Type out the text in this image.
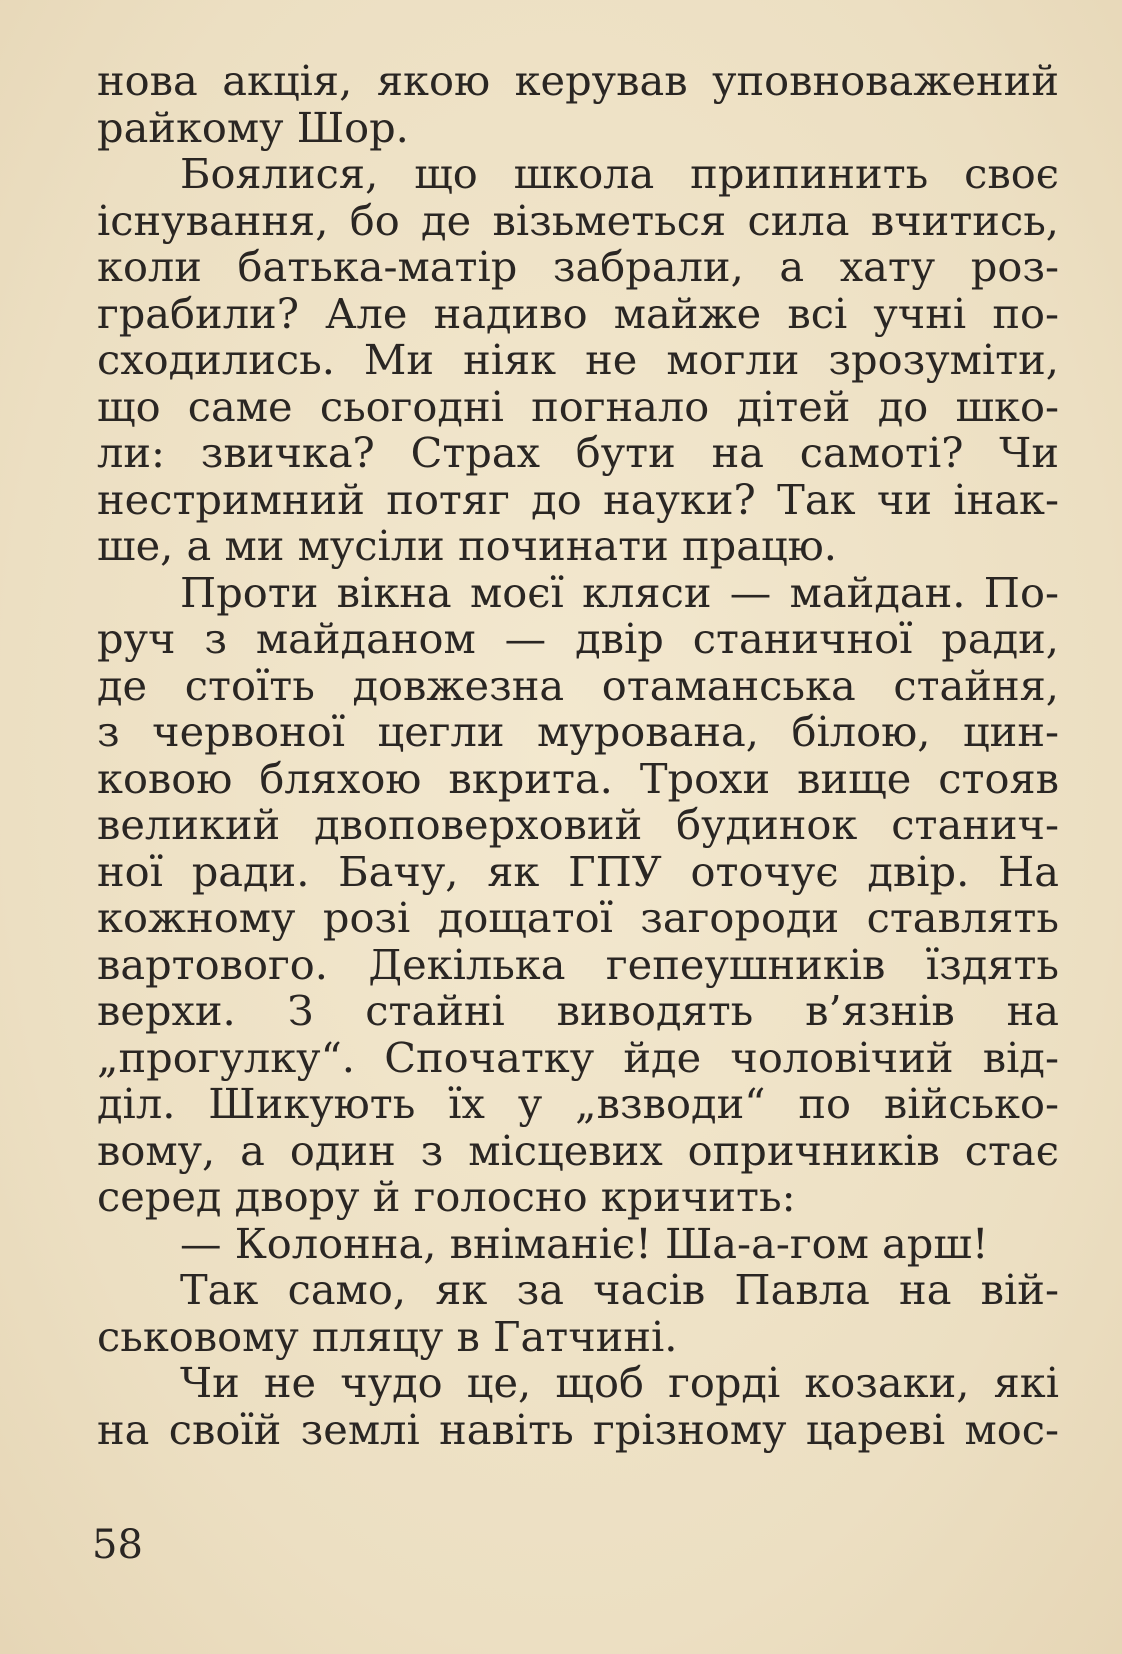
нова акція, якою керував уповноважений
райкому Шор.
Боялися, що школа припинить своє
існування, бо де візьметься сила вчитись,
коли батька-матір забрали, а хату роз-
грабили? Але надиво майже всі учні по-
сходились. Ми ніяк не могли зрозуміти,
що саме сьогодні погнало дітей до шко-
ли: звичка? Страх бути на самоті? Чи
нестримний потяг до науки? Так чи інак-
ше, а ми мусіли починати працю.
Проти вікна моєї кляси — майдан. По-
руч з майданом — двір станичної ради,
де стоїть довжезна отаманська стайня,
з червоної цегли мурована, білою, цин-
ковою бляхою вкрита. Трохи вище стояв
великий двоповерховий будинок станич-
ної ради. Бачу, як ГПУ оточує двір. На
кожному розі дощатої загороди ставлять
вартового. Декілька гепеушників їздять
верхи. З стайні виводять в’язнів на
„прогулку“. Спочатку йде чоловічий від-
діл. Шикують їх у „взводи“ по військо-
вому, а один з місцевих опричників стає
серед двору й голосно кричить:
— Колонна, вніманіє! Ша-а-гом арш!
Так само, як за часів Павла на вій-
ськовому пляцу в Гатчині.
Чи не чудо це, щоб горді козаки, які
на своїй землі навіть грізному цареві мос-
58
